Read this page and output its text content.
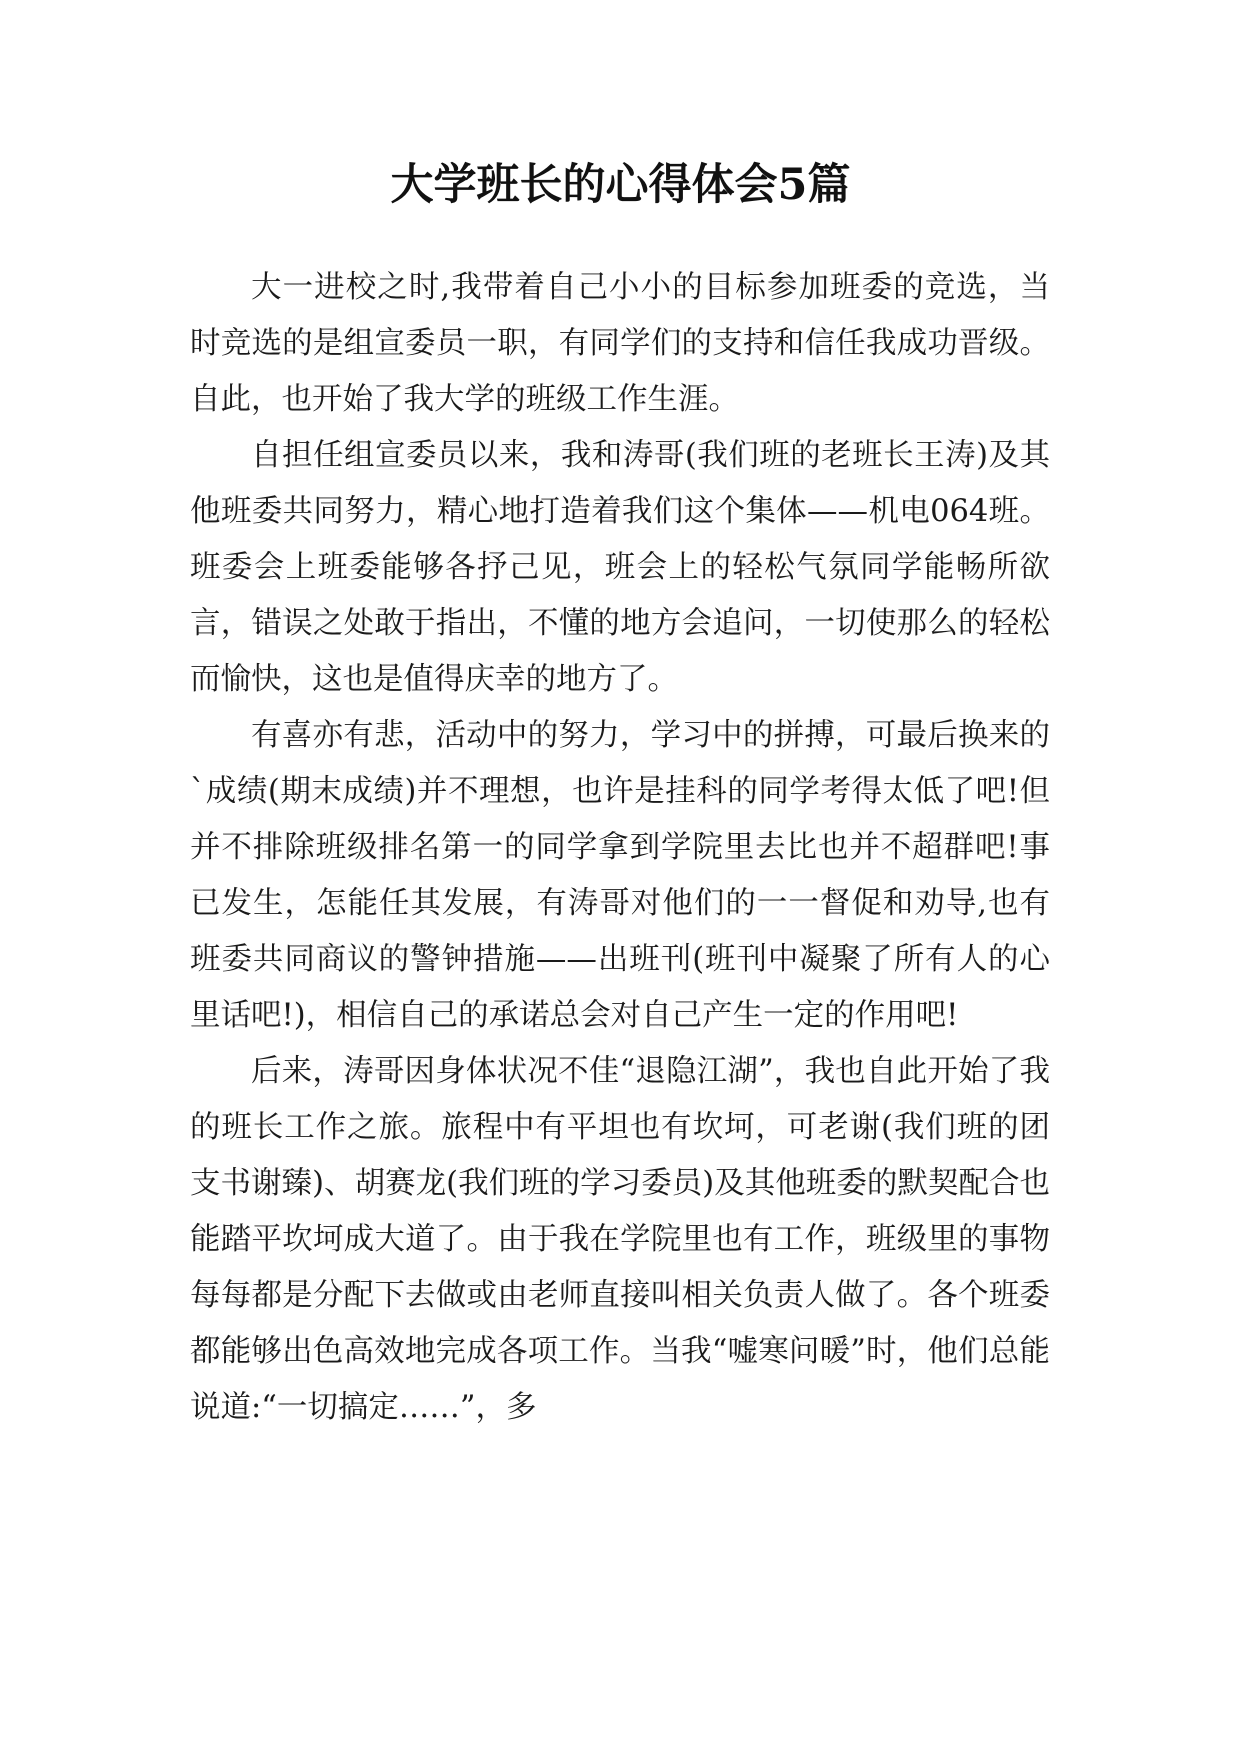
大学班长的心得体会5篇

大一进校之时,我带着自己小小的目标参加班委的竞选，当时竞选的是组宣委员一职，有同学们的支持和信任我成功晋级。自此，也开始了我大学的班级工作生涯。

自担任组宣委员以来，我和涛哥(我们班的老班长王涛)及其他班委共同努力，精心地打造着我们这个集体——机电064班。班委会上班委能够各抒己见，班会上的轻松气氛同学能畅所欲言，错误之处敢于指出，不懂的地方会追问，一切使那么的轻松而愉快，这也是值得庆幸的地方了。

有喜亦有悲，活动中的努力，学习中的拼搏，可最后换来的`成绩(期末成绩)并不理想，也许是挂科的同学考得太低了吧!但并不排除班级排名第一的同学拿到学院里去比也并不超群吧!事已发生，怎能任其发展，有涛哥对他们的一一督促和劝导,也有班委共同商议的警钟措施——出班刊(班刊中凝聚了所有人的心里话吧!)，相信自己的承诺总会对自己产生一定的作用吧!

后来，涛哥因身体状况不佳“退隐江湖”，我也自此开始了我的班长工作之旅。旅程中有平坦也有坎坷，可老谢(我们班的团支书谢臻)、胡赛龙(我们班的学习委员)及其他班委的默契配合也能踏平坎坷成大道了。由于我在学院里也有工作，班级里的事物每每都是分配下去做或由老师直接叫相关负责人做了。各个班委都能够出色高效地完成各项工作。当我“嘘寒问暖”时，他们总能说道:“一切搞定……”，多
